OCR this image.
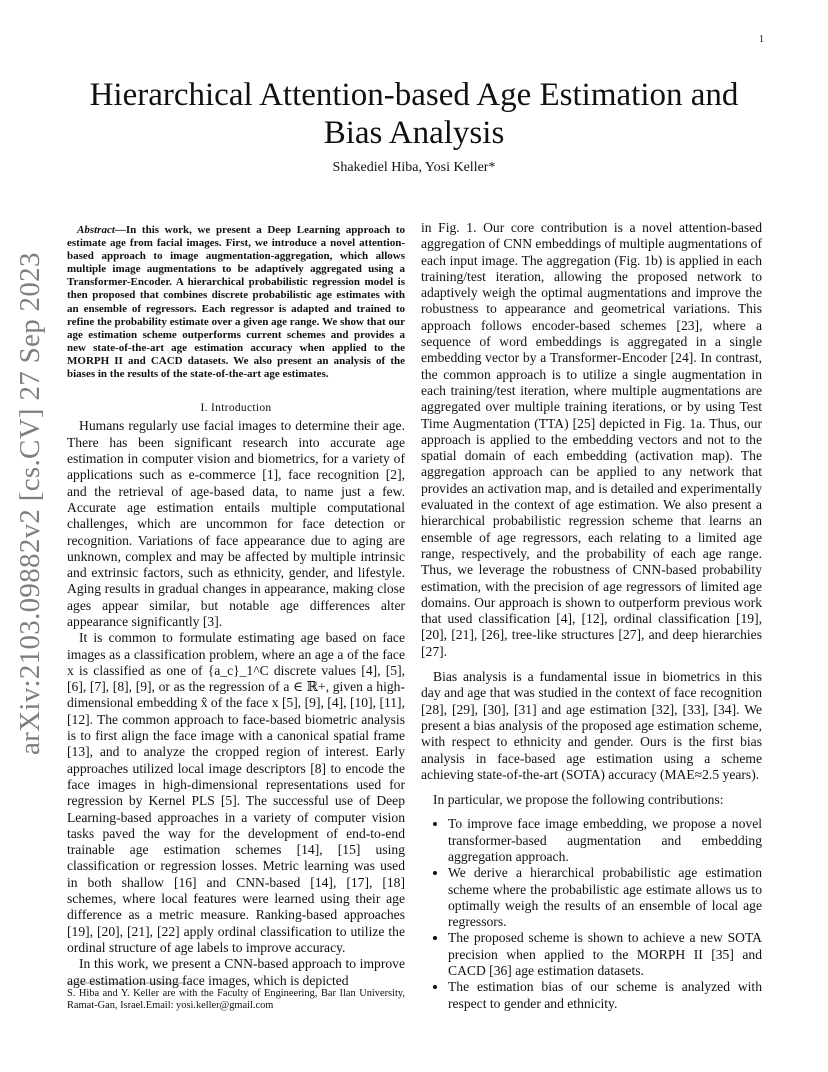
1
arXiv:2103.09882v2 [cs.CV] 27 Sep 2023
Hierarchical Attention-based Age Estimation and Bias Analysis
Shakediel Hiba, Yosi Keller*
Abstract—In this work, we present a Deep Learning approach to estimate age from facial images. First, we introduce a novel attention-based approach to image augmentation-aggregation, which allows multiple image augmentations to be adaptively aggregated using a Transformer-Encoder. A hierarchical probabilistic regression model is then proposed that combines discrete probabilistic age estimates with an ensemble of regressors. Each regressor is adapted and trained to refine the probability estimate over a given age range. We show that our age estimation scheme outperforms current schemes and provides a new state-of-the-art age estimation accuracy when applied to the MORPH II and CACD datasets. We also present an analysis of the biases in the results of the state-of-the-art age estimates.
I. Introduction

Humans regularly use facial images to determine their age. There has been significant research into accurate age estimation in computer vision and biometrics, for a variety of applications such as e-commerce [1], face recognition [2], and the retrieval of age-based data, to name just a few. Accurate age estimation entails multiple computational challenges, which are uncommon for face detection or recognition. Variations of face appearance due to aging are unknown, complex and may be affected by multiple intrinsic and extrinsic factors, such as ethnicity, gender, and lifestyle. Aging results in gradual changes in appearance, making close ages appear similar, but notable age differences alter appearance significantly [3].

It is common to formulate estimating age based on face images as a classification problem, where an age a of the face x is classified as one of {a_c}_1^C discrete values [4], [5], [6], [7], [8], [9], or as the regression of a ∈ ℝ+, given a high-dimensional embedding x̂ of the face x [5], [9], [4], [10], [11], [12]. The common approach to face-based biometric analysis is to first align the face image with a canonical spatial frame [13], and to analyze the cropped region of interest. Early approaches utilized local image descriptors [8] to encode the face images in high-dimensional representations used for regression by Kernel PLS [5]. The successful use of Deep Learning-based approaches in a variety of computer vision tasks paved the way for the development of end-to-end trainable age estimation schemes [14], [15] using classification or regression losses. Metric learning was used in both shallow [16] and CNN-based [14], [17], [18] schemes, where local features were learned using their age difference as a metric measure. Ranking-based approaches [19], [20], [21], [22] apply ordinal classification to utilize the ordinal structure of age labels to improve accuracy.

In this work, we present a CNN-based approach to improve age estimation using face images, which is depicted

S. Hiba and Y. Keller are with the Faculty of Engineering, Bar Ilan University, Ramat-Gan, Israel.Email: yosi.keller@gmail.com

in Fig. 1. Our core contribution is a novel attention-based aggregation of CNN embeddings of multiple augmentations of each input image. The aggregation (Fig. 1b) is applied in each training/test iteration, allowing the proposed network to adaptively weigh the optimal augmentations and improve the robustness to appearance and geometrical variations. This approach follows encoder-based schemes [23], where a sequence of word embeddings is aggregated in a single embedding vector by a Transformer-Encoder [24]. In contrast, the common approach is to utilize a single augmentation in each training/test iteration, where multiple augmentations are aggregated over multiple training iterations, or by using Test Time Augmentation (TTA) [25] depicted in Fig. 1a. Thus, our approach is applied to the embedding vectors and not to the spatial domain of each embedding (activation map). The aggregation approach can be applied to any network that provides an activation map, and is detailed and experimentally evaluated in the context of age estimation. We also present a hierarchical probabilistic regression scheme that learns an ensemble of age regressors, each relating to a limited age range, respectively, and the probability of each age range. Thus, we leverage the robustness of CNN-based probability estimation, with the precision of age regressors of limited age domains. Our approach is shown to outperform previous work that used classification [4], [12], ordinal classification [19], [20], [21], [26], tree-like structures [27], and deep hierarchies [27].

Bias analysis is a fundamental issue in biometrics in this day and age that was studied in the context of face recognition [28], [29], [30], [31] and age estimation [32], [33], [34]. We present a bias analysis of the proposed age estimation scheme, with respect to ethnicity and gender. Ours is the first bias analysis in face-based age estimation using a scheme achieving state-of-the-art (SOTA) accuracy (MAE≈2.5 years).

In particular, we propose the following contributions:

• To improve face image embedding, we propose a novel transformer-based augmentation and embedding aggregation approach.
• We derive a hierarchical probabilistic age estimation scheme where the probabilistic age estimate allows us to optimally weigh the results of an ensemble of local age regressors.
• The proposed scheme is shown to achieve a new SOTA precision when applied to the MORPH II [35] and CACD [36] age estimation datasets.
• The estimation bias of our scheme is analyzed with respect to gender and ethnicity.
